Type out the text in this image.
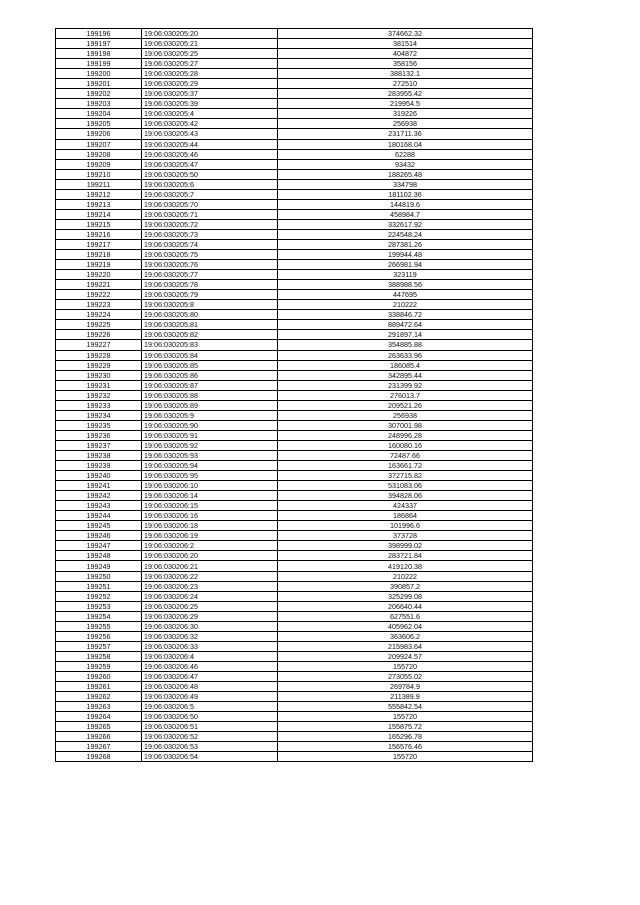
199196	19:06:030205:20	374662.32
199197	19:06:030205:21	381514
199198	19:06:030205:25	404872
199199	19:06:030205:27	358156
199200	19:06:030205:28	388132.1
199201	19:06:030205:29	272510
199202	19:06:030205:37	283955.42
199203	19:06:030205:39	219954.5
199204	19:06:030205:4	319226
199205	19:06:030205:42	256938
199206	19:06:030205:43	231711.36
199207	19:06:030205:44	180168.04
199208	19:06:030205:46	62288
199209	19:06:030205:47	93432
199210	19:06:030205:50	188265.48
199211	19:06:030205:6	334798
199212	19:06:030205:7	181102.36
199213	19:06:030205:70	144819.6
199214	19:06:030205:71	458984.7
199215	19:06:030205:72	332617.92
199216	19:06:030205:73	224548.24
199217	19:06:030205:74	287381.26
199218	19:06:030205:75	199944.48
199219	19:06:030205:76	266981.94
199220	19:06:030205:77	323119
199221	19:06:030205:78	388988.56
199222	19:06:030205:79	447695
199223	19:06:030205:8	210222
199224	19:06:030205:80	338846.72
199225	19:06:030205:81	889472.64
199226	19:06:030205:82	291897.14
199227	19:06:030205:83	354885.88
199228	19:06:030205:84	263633.96
199229	19:06:030205:85	186085.4
199230	19:06:030205:86	342895.44
199231	19:06:030205:87	231399.92
199232	19:06:030205:88	276013.7
199233	19:06:030205:89	209521.26
199234	19:06:030205:9	256938
199235	19:06:030205:90	307001.98
199236	19:06:030205:91	248996.28
199237	19:06:030205:92	160080.16
199238	19:06:030205:93	72487.66
199239	19:06:030205:94	163661.72
199240	19:06:030205:95	372715.82
199241	19:06:030206:10	531083.06
199242	19:06:030206:14	394828.06
199243	19:06:030206:15	424337
199244	19:06:030206:16	186864
199245	19:06:030206:18	101996.6
199246	19:06:030206:19	373728
199247	19:06:030206:2	398999.02
199248	19:06:030206:20	283721.84
199249	19:06:030206:21	419120.38
199250	19:06:030206:22	210222
199251	19:06:030206:23	390857.2
199252	19:06:030206:24	325299.08
199253	19:06:030206:25	206640.44
199254	19:06:030206:29	627551.6
199255	19:06:030206:30	405962.04
199256	19:06:030206:32	363606.2
199257	19:06:030206:33	215983.64
199258	19:06:030206:4	209924.57
199259	19:06:030206:46	155720
199260	19:06:030206:47	273055.02
199261	19:06:030206:48	269784.9
199262	19:06:030206:49	211389.9
199263	19:06:030206:5	555842.54
199264	19:06:030206:50	155720
199265	19:06:030206:51	155875.72
199266	19:06:030206:52	165296.78
199267	19:06:030206:53	156576.46
199268	19:06:030206:54	155720
